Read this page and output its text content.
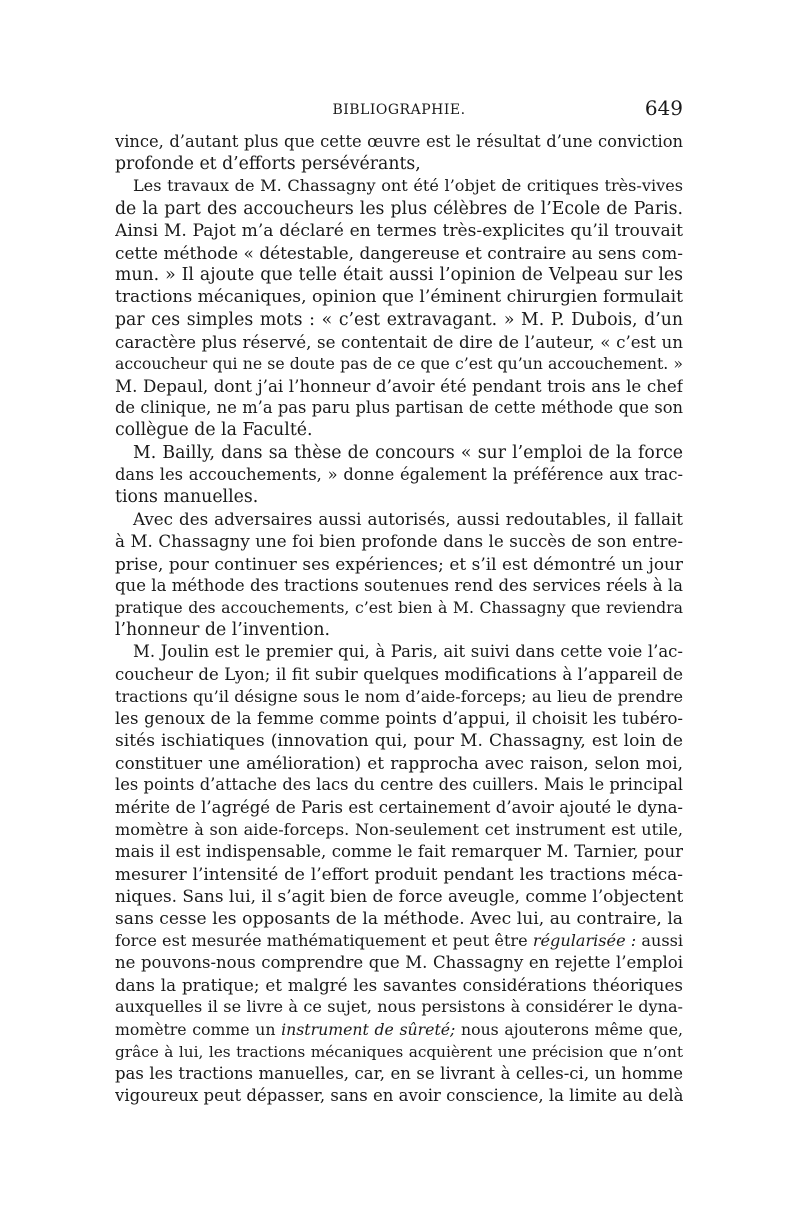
BIBLIOGRAPHIE.	649
vince, d’autant plus que cette œuvre est le résultat d’une conviction
profonde et d’efforts persévérants,
Les travaux de M. Chassagny ont été l’objet de critiques très-vives
de la part des accoucheurs les plus célèbres de l’Ecole de Paris.
Ainsi M. Pajot m’a déclaré en termes très-explicites qu’il trouvait
cette méthode « détestable, dangereuse et contraire au sens com-
mun. » Il ajoute que telle était aussi l’opinion de Velpeau sur les
tractions mécaniques, opinion que l’éminent chirurgien formulait
par ces simples mots : « c’est extravagant. » M. P. Dubois, d’un
caractère plus réservé, se contentait de dire de l’auteur, « c’est un
accoucheur qui ne se doute pas de ce que c’est qu’un accouchement. »
M. Depaul, dont j’ai l’honneur d’avoir été pendant trois ans le chef
de clinique, ne m’a pas paru plus partisan de cette méthode que son
collègue de la Faculté.
M. Bailly, dans sa thèse de concours « sur l’emploi de la force
dans les accouchements, » donne également la préférence aux trac-
tions manuelles.
Avec des adversaires aussi autorisés, aussi redoutables, il fallait
à M. Chassagny une foi bien profonde dans le succès de son entre-
prise, pour continuer ses expériences; et s’il est démontré un jour
que la méthode des tractions soutenues rend des services réels à la
pratique des accouchements, c’est bien à M. Chassagny que reviendra
l’honneur de l’invention.
M. Joulin est le premier qui, à Paris, ait suivi dans cette voie l’ac-
coucheur de Lyon; il fit subir quelques modifications à l’appareil de
tractions qu’il désigne sous le nom d’aide-forceps; au lieu de prendre
les genoux de la femme comme points d’appui, il choisit les tubéro-
sités ischiatiques (innovation qui, pour M. Chassagny, est loin de
constituer une amélioration) et rapprocha avec raison, selon moi,
les points d’attache des lacs du centre des cuillers. Mais le principal
mérite de l’agrégé de Paris est certainement d’avoir ajouté le dyna-
momètre à son aide-forceps. Non-seulement cet instrument est utile,
mais il est indispensable, comme le fait remarquer M. Tarnier, pour
mesurer l’intensité de l’effort produit pendant les tractions méca-
niques. Sans lui, il s’agit bien de force aveugle, comme l’objectent
sans cesse les opposants de la méthode. Avec lui, au contraire, la
force est mesurée mathématiquement et peut être régularisée : aussi
ne pouvons-nous comprendre que M. Chassagny en rejette l’emploi
dans la pratique; et malgré les savantes considérations théoriques
auxquelles il se livre à ce sujet, nous persistons à considérer le dyna-
momètre comme un instrument de sûreté; nous ajouterons même que,
grâce à lui, les tractions mécaniques acquièrent une précision que n’ont
pas les tractions manuelles, car, en se livrant à celles-ci, un homme
vigoureux peut dépasser, sans en avoir conscience, la limite au delà
